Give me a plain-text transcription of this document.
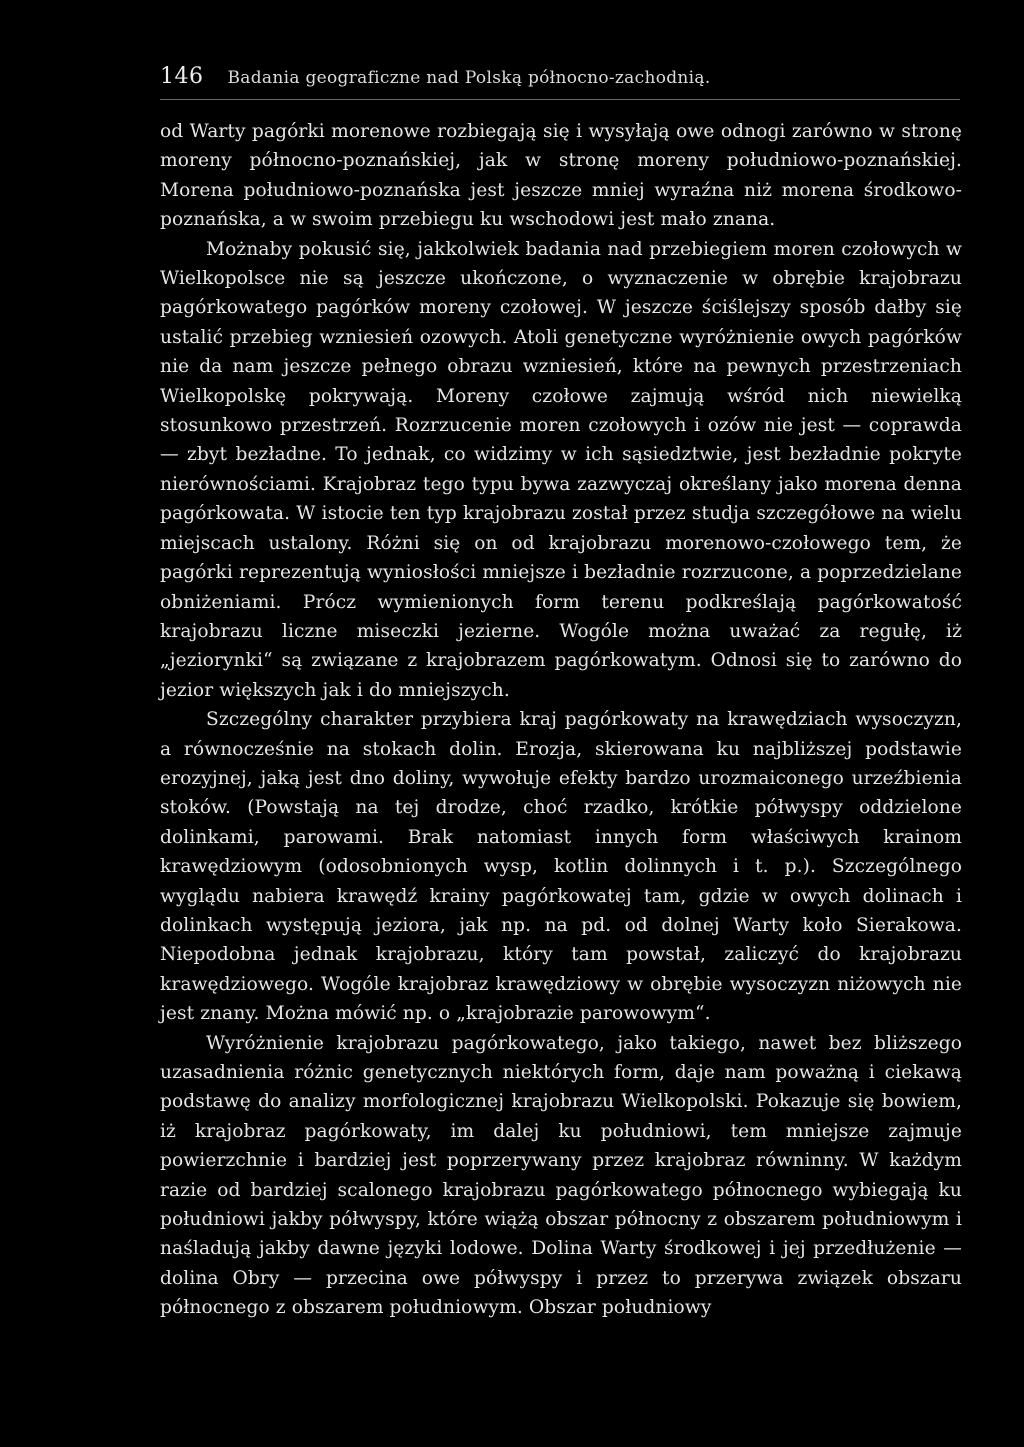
146 Badania geograficzne nad Polską północno-zachodnią.

od Warty pagórki morenowe rozbiegają się i wysyłają owe odnogi zarówno w stronę moreny północno-poznańskiej, jak w stronę moreny południowo-poznańskiej. Morena południowo-poznańska jest jeszcze mniej wyraźna niż morena środkowo-poznańska, a w swoim przebiegu ku wschodowi jest mało znana.

Możnaby pokusić się, jakkolwiek badania nad przebiegiem moren czołowych w Wielkopolsce nie są jeszcze ukończone, o wyznaczenie w obrębie krajobrazu pagórkowatego pagórków moreny czołowej. W jeszcze ściślejszy sposób dałby się ustalić przebieg wzniesień ozowych. Atoli genetyczne wyróżnienie owych pagórków nie da nam jeszcze pełnego obrazu wzniesień, które na pewnych przestrzeniach Wielkopolskę pokrywają. Moreny czołowe zajmują wśród nich niewielką stosunkowo przestrzeń. Rozrzucenie moren czołowych i ozów nie jest — coprawda — zbyt bezładne. To jednak, co widzimy w ich sąsiedztwie, jest bezładnie pokryte nierównościami. Krajobraz tego typu bywa zazwyczaj określany jako morena denna pagórkowata. W istocie ten typ krajobrazu został przez studja szczegółowe na wielu miejscach ustalony. Różni się on od krajobrazu morenowo-czołowego tem, że pagórki reprezentują wyniosłości mniejsze i bezładnie rozrzucone, a poprzedzielane obniżeniami. Prócz wymienionych form terenu podkreślają pagórkowatość krajobrazu liczne miseczki jezierne. Wogóle można uważać za regułę, iż „jeziorynki“ są związane z krajobrazem pagórkowatym. Odnosi się to zarówno do jezior większych jak i do mniejszych.

Szczególny charakter przybiera kraj pagórkowaty na krawędziach wysoczyzn, a równocześnie na stokach dolin. Erozja, skierowana ku najbliższej podstawie erozyjnej, jaką jest dno doliny, wywołuje efekty bardzo urozmaiconego urzeźbienia stoków. (Powstają na tej drodze, choć rzadko, krótkie półwyspy oddzielone dolinkami, parowami. Brak natomiast innych form właściwych krainom krawędziowym (odosobnionych wysp, kotlin dolinnych i t. p.). Szczególnego wyglądu nabiera krawędź krainy pagórkowatej tam, gdzie w owych dolinach i dolinkach występują jeziora, jak np. na pd. od dolnej Warty koło Sierakowa. Niepodobna jednak krajobrazu, który tam powstał, zaliczyć do krajobrazu krawędziowego. Wogóle krajobraz krawędziowy w obrębie wysoczyzn niżowych nie jest znany. Można mówić np. o „krajobrazie parowowym“.

Wyróżnienie krajobrazu pagórkowatego, jako takiego, nawet bez bliższego uzasadnienia różnic genetycznych niektórych form, daje nam poważną i ciekawą podstawę do analizy morfologicznej krajobrazu Wielkopolski. Pokazuje się bowiem, iż krajobraz pagórkowaty, im dalej ku południowi, tem mniejsze zajmuje powierzchnie i bardziej jest poprzerywany przez krajobraz równinny. W każdym razie od bardziej scalonego krajobrazu pagórkowatego północnego wybiegają ku południowi jakby półwyspy, które wiążą obszar północny z obszarem południowym i naśladują jakby dawne języki lodowe. Dolina Warty środkowej i jej przedłużenie — dolina Obry — przecina owe półwyspy i przez to przerywa związek obszaru północnego z obszarem południowym. Obszar południowy
